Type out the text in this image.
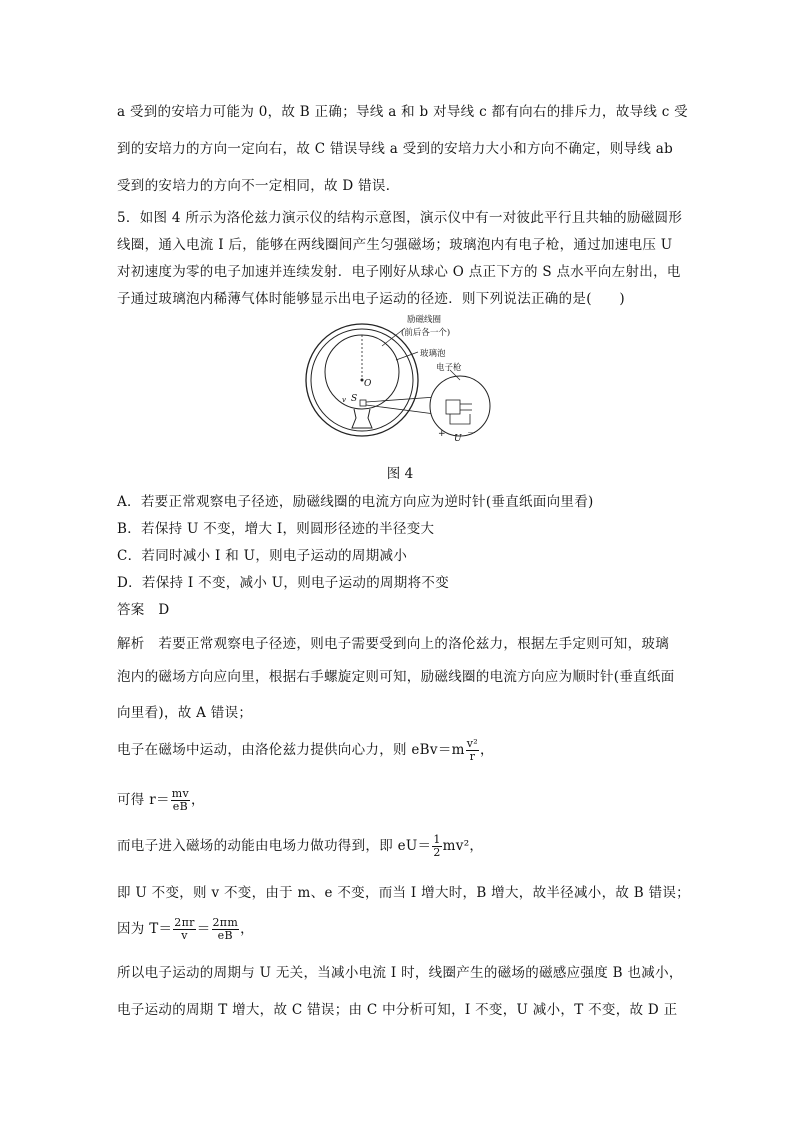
a 受到的安培力可能为 0，故 B 正确；导线 a 和 b 对导线 c 都有向右的排斥力，故导线 c 受
到的安培力的方向一定向右，故 C 错误导线 a 受到的安培力大小和方向不确定，则导线 ab
受到的安培力的方向不一定相同，故 D 错误．
5．如图 4 所示为洛伦兹力演示仪的结构示意图，演示仪中有一对彼此平行且共轴的励磁圆形
线圈，通入电流 I 后，能够在两线圈间产生匀强磁场；玻璃泡内有电子枪，通过加速电压 U
对初速度为零的电子加速并连续发射．电子刚好从球心 O 点正下方的 S 点水平向左射出，电
子通过玻璃泡内稀薄气体时能够显示出电子运动的径迹．则下列说法正确的是(　　)
励磁线圈
(前后各一个)
玻璃泡
电子枪
O
S
v
+ －
U
图 4
A．若要正常观察电子径迹，励磁线圈的电流方向应为逆时针(垂直纸面向里看)
B．若保持 U 不变，增大 I，则圆形径迹的半径变大
C．若同时减小 I 和 U，则电子运动的周期减小
D．若保持 I 不变，减小 U，则电子运动的周期将不变
答案　D
解析　若要正常观察电子径迹，则电子需要受到向上的洛伦兹力，根据左手定则可知，玻璃
泡内的磁场方向应向里，根据右手螺旋定则可知，励磁线圈的电流方向应为顺时针(垂直纸面
向里看)，故 A 错误；
电子在磁场中运动，由洛伦兹力提供向心力，则 $eBv=m \frac{\text{v²}}{r}$ ，
可得 $r= \frac{mv}{eB}$ ，
而电子进入磁场的动能由电场力做功得到，即 $eU= \frac{1}{2} mv^2$，
即 U 不变，则 v 不变，由于 m、e 不变，而当 I 增大时，B 增大，故半径减小，故 B 错误；
因为 $T= \frac{2\pi r}{v} = \frac{2\pi m}{eB}$ ，
所以电子运动的周期与 U 无关，当减小电流 I 时，线圈产生的磁场的磁感应强度 B 也减小，
电子运动的周期 T 增大，故 C 错误；由 C 中分析可知，I 不变，U 减小，T 不变，故 D 正
